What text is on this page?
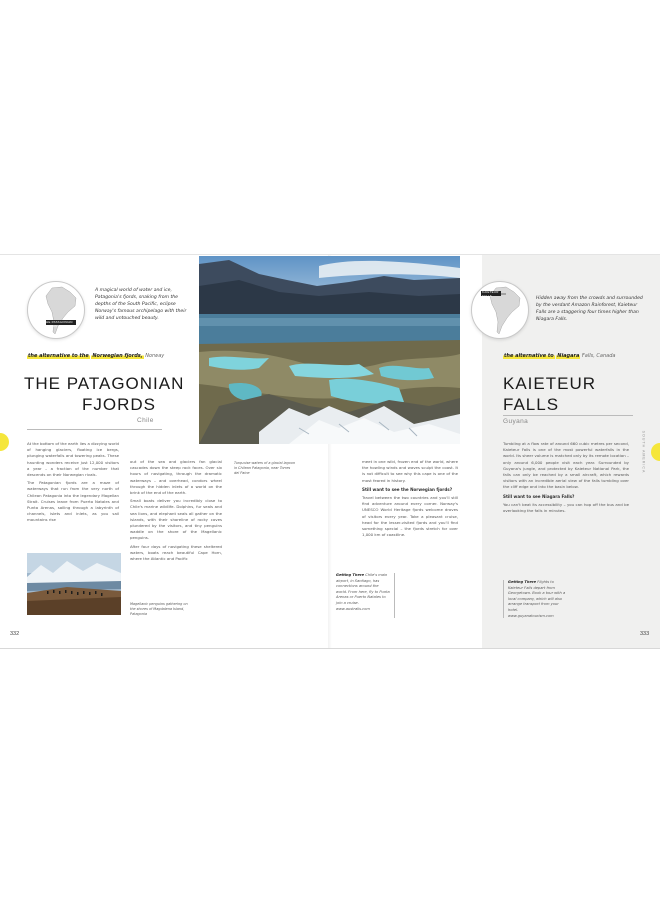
THE PATAGONIAN FJORDS
A magical world of water and ice, Patagonia's fjords, snaking from the depths of the South Pacific, eclipse Norway's famous archipelago with their wild and untouched beauty.
the alternative to the Norwegian fjords, Norway
THE PATAGONIAN
FJORDS
Chile

At the bottom of the earth lies a dizzying world of hanging glaciers, floating ice bergs, plunging waterfalls and towering peaks. These haunting wonders receive just 12,000 visitors a year – a fraction of the number that descends on their Norwegian rivals.

The Patagonian fjords are a maze of waterways that run from the very north of Chilean Patagonia into the legendary Magellan Strait. Cruises leave from Puerto Natales and Punta Arenas, sailing through a labyrinth of channels, islets and inlets, as you sail mountains rise

out of the sea and glaciers fan glacial cascades down the steep rock faces. Over six hours of navigating, through the dramatic waterways – and overhead, condors wheel through the hidden inlets of a world on the brink of the end of the earth.

Small boats deliver you incredibly close to Chile's marine wildlife. Dolphins, fur seals and sea lions, and elephant seals all gather on the islands, with their shoreline of rocky coves plundered by the visitors, and tiny penguins waddle on the shore of the Magellanic penguins.

After four days of navigating these sheltered waters, boats reach beautiful Cape Horn, where the Atlantic and Pacific

Magellanic penguins gathering on the shores of Magdalena Island, Patagonia
332
Turquoise waters of a glacial lagoon in Chilean Patagonia, near Torres del Paine

meet in one wild, frozen end of the world, where the howling winds and waves sculpt the coast. It is not difficult to see why this cape is one of the most feared in history.

Still want to see the Norwegian fjords?

Travel between the two countries and you'll still find adventure around every corner. Norway's UNESCO World Heritage fjords welcome droves of visitors every year. Take a pleasant cruise, head for the lesser-visited fjords and you'll find something special – the fjords stretch for over 1,000 km of coastline.

Getting There Chile's main airport, in Santiago, has connections around the world. From here, fly to Punta Arenas or Puerto Natales to join a cruise.
www.australis.com
KAIETEUR FALLS
Hidden away from the crowds and surrounded by the verdant Amazon Rainforest, Kaieteur Falls are a staggering four times higher than Niagara Falls.
the alternative to Niagara Falls, Canada
KAIETEUR
FALLS
Guyana

Tumbling at a flow rate of around 660 cubic metres per second, Kaieteur Falls is one of the most powerful waterfalls in the world. Its sheer volume is matched only by its remote location – only around 6,000 people visit each year. Surrounded by Guyana's jungle, and protected by Kaieteur National Park, the falls can only be reached by a small aircraft, which rewards visitors with an incredible aerial view of the falls tumbling over the cliff edge and into the basin below.

Still want to see Niagara Falls?

You can't beat its accessibility – you can hop off the bus and be overlooking the falls in minutes.

Getting There Flights to Kaieteur Falls depart from Georgetown. Book a tour with a local company, which will also arrange transport from your hotel.
www.guyanatourism.com
333
SOUTH AMERICA
